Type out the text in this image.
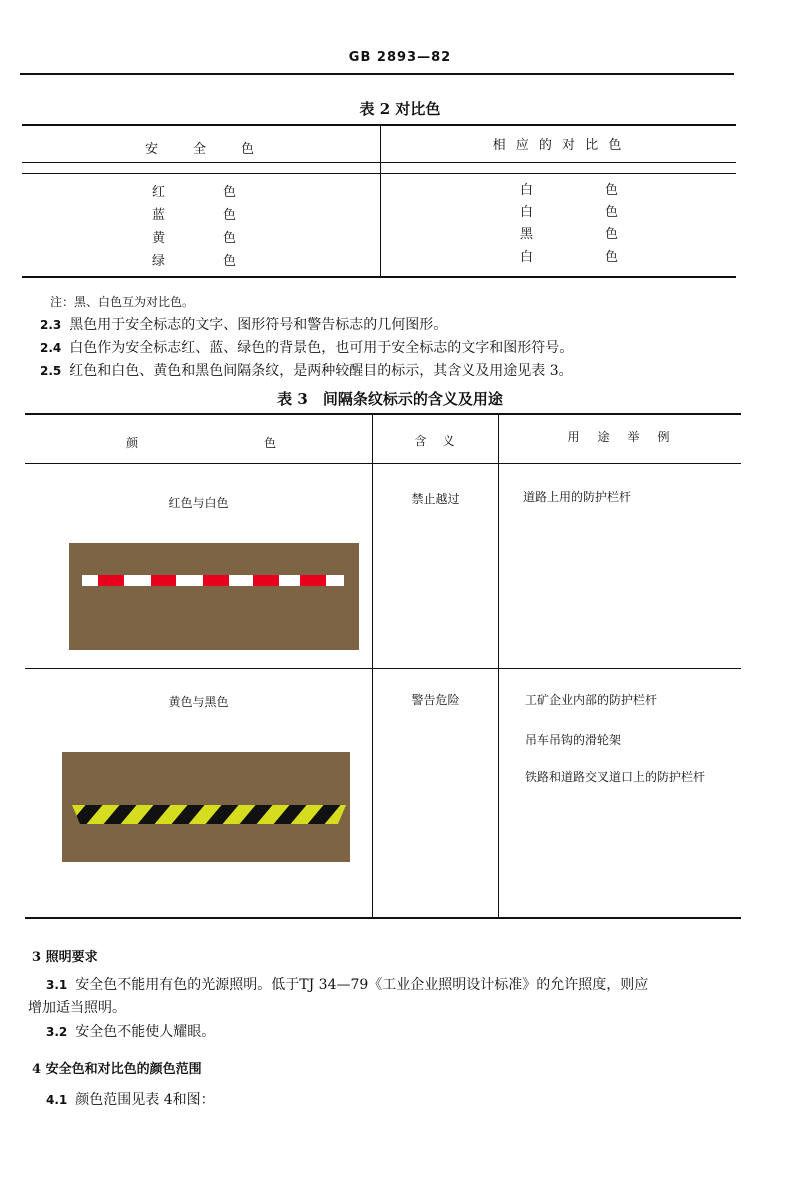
GB 2893—82
表 2 对比色
安　　全　　色	相 应 的 对 比 色
红	色	白	色
蓝	色	白	色
黄	色	黑	色
绿	色	白	色
注：黑、白色互为对比色。
2.3 黑色用于安全标志的文字、图形符号和警告标志的几何图形。
2.4 白色作为安全标志红、蓝、绿色的背景色，也可用于安全标志的文字和图形符号。
2.5 红色和白色、黄色和黑色间隔条纹，是两种较醒目的标示，其含义及用途见表 3。
表 3　间隔条纹标示的含义及用途
颜	色	含　义	用　途　举　例
红色与白色	禁止越过	道路上用的防护栏杆
黄色与黑色	警告危险	工矿企业内部的防护栏杆
吊车吊钩的滑轮架
铁路和道路交叉道口上的防护栏杆
3 照明要求
3.1 安全色不能用有色的光源照明。低于TJ 34—79《工业企业照明设计标准》的允许照度，则应
增加适当照明。
3.2 安全色不能使人耀眼。
4 安全色和对比色的颜色范围
4.1 颜色范围见表 4和图：
